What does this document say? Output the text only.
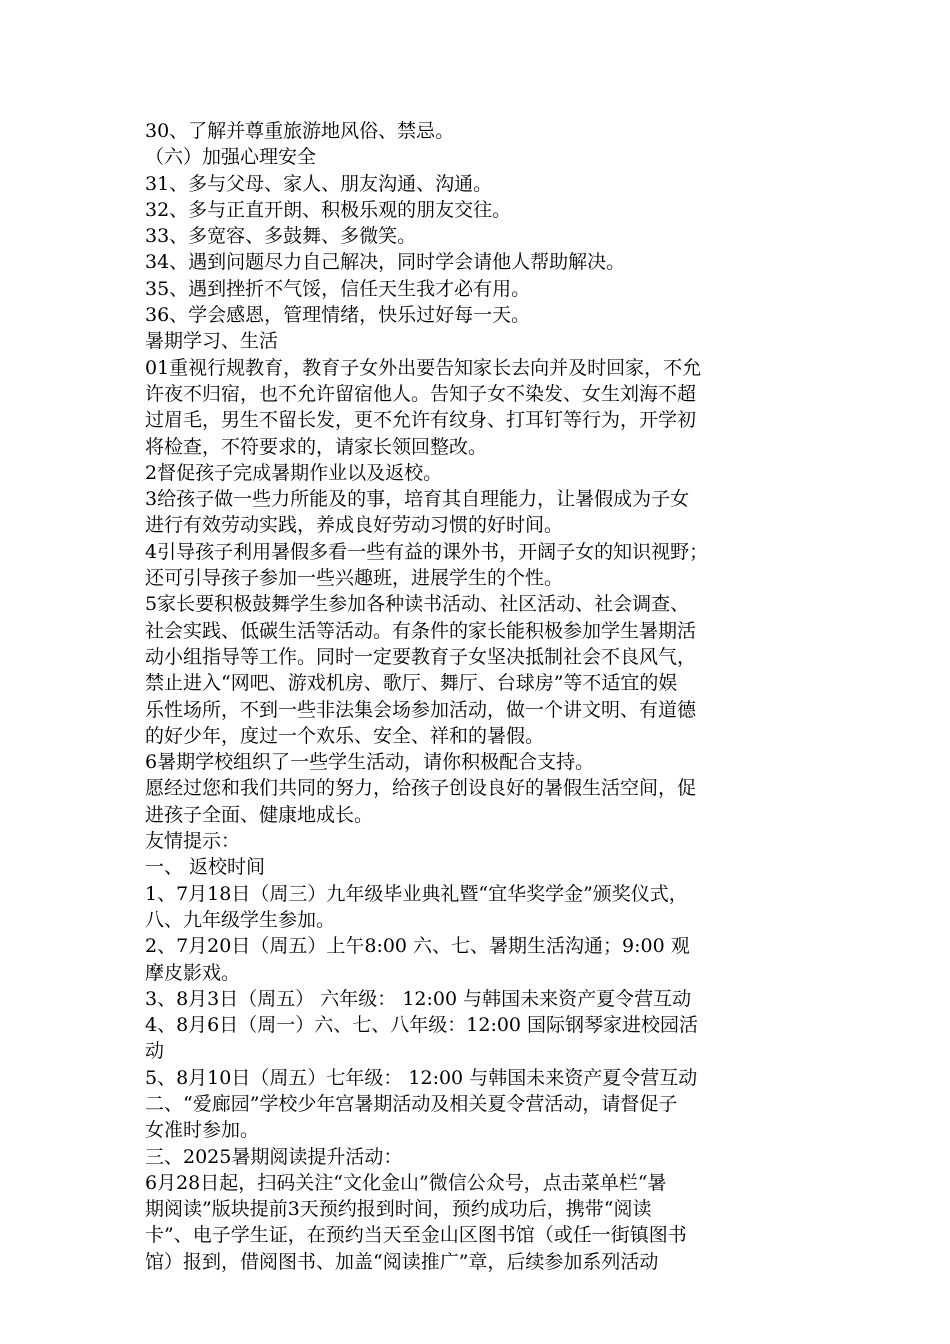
30、了解并尊重旅游地风俗、禁忌。
（六）加强心理安全
31、多与父母、家人、朋友沟通、沟通。
32、多与正直开朗、积极乐观的朋友交往。
33、多宽容、多鼓舞、多微笑。
34、遇到问题尽力自己解决，同时学会请他人帮助解决。
35、遇到挫折不气馁，信任天生我才必有用。
36、学会感恩，管理情绪，快乐过好每一天。
暑期学习、生活
01重视行规教育，教育子女外出要告知家长去向并及时回家，不允
许夜不归宿，也不允许留宿他人。告知子女不染发、女生刘海不超
过眉毛，男生不留长发，更不允许有纹身、打耳钉等行为，开学初
将检查，不符要求的，请家长领回整改。
2督促孩子完成暑期作业以及返校。
3给孩子做一些力所能及的事，培育其自理能力，让暑假成为子女
进行有效劳动实践，养成良好劳动习惯的好时间。
4引导孩子利用暑假多看一些有益的课外书，开阔子女的知识视野；
还可引导孩子参加一些兴趣班，进展学生的个性。
5家长要积极鼓舞学生参加各种读书活动、社区活动、社会调查、
社会实践、低碳生活等活动。有条件的家长能积极参加学生暑期活
动小组指导等工作。同时一定要教育子女坚决抵制社会不良风气，
禁止进入“网吧、游戏机房、歌厅、舞厅、台球房”等不适宜的娱
乐性场所，不到一些非法集会场参加活动，做一个讲文明、有道德
的好少年，度过一个欢乐、安全、祥和的暑假。
6暑期学校组织了一些学生活动，请你积极配合支持。
愿经过您和我们共同的努力，给孩子创设良好的暑假生活空间，促
进孩子全面、健康地成长。
友情提示：
一、 返校时间
1、7月18日（周三）九年级毕业典礼暨“宜华奖学金”颁奖仪式，
八、九年级学生参加。
2、7月20日（周五）上午8:00 六、七、暑期生活沟通；9:00 观
摩皮影戏。
3、8月3日（周五） 六年级： 12:00 与韩国未来资产夏令营互动
4、8月6日（周一）六、七、八年级：12:00 国际钢琴家进校园活
动
5、8月10日（周五）七年级： 12:00 与韩国未来资产夏令营互动
二、“爱廊园”学校少年宫暑期活动及相关夏令营活动，请督促子
女准时参加。
三、2025暑期阅读提升活动：
6月28日起，扫码关注“文化金山”微信公众号，点击菜单栏“暑
期阅读”版块提前3天预约报到时间，预约成功后，携带“阅读
卡”、电子学生证，在预约当天至金山区图书馆（或任一街镇图书
馆）报到，借阅图书、加盖“阅读推广”章，后续参加系列活动
